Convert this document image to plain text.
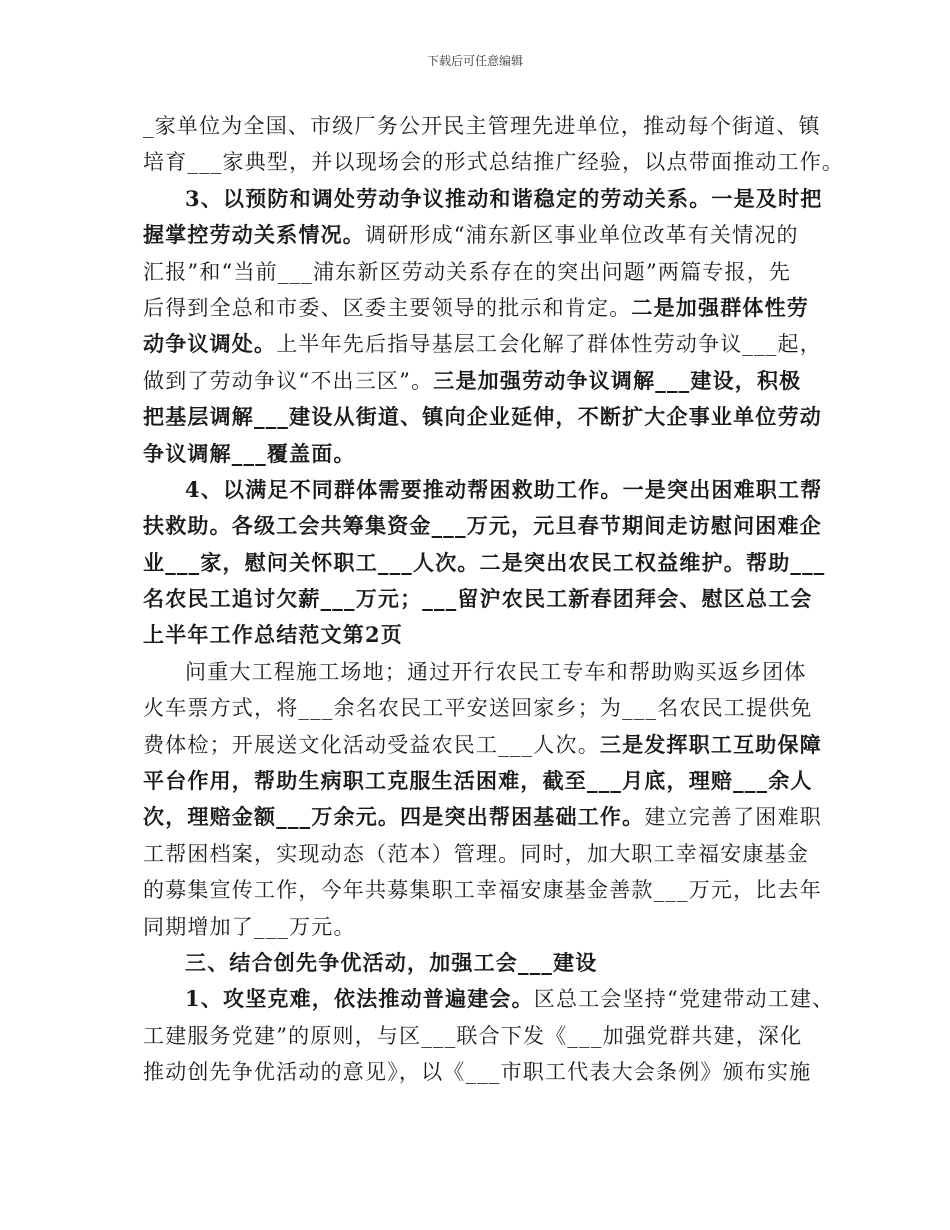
下载后可任意编辑
_家单位为全国、市级厂务公开民主管理先进单位，推动每个街道、镇
培育___家典型，并以现场会的形式总结推广经验，以点带面推动工作。
3、以预防和调处劳动争议推动和谐稳定的劳动关系。一是及时把
握掌控劳动关系情况。调研形成“浦东新区事业单位改革有关情况的
汇报”和“当前___浦东新区劳动关系存在的突出问题”两篇专报，先
后得到全总和市委、区委主要领导的批示和肯定。二是加强群体性劳
动争议调处。上半年先后指导基层工会化解了群体性劳动争议___起，
做到了劳动争议“不出三区”。三是加强劳动争议调解___建设，积极
把基层调解___建设从街道、镇向企业延伸，不断扩大企事业单位劳动
争议调解___覆盖面。
4、以满足不同群体需要推动帮困救助工作。一是突出困难职工帮
扶救助。各级工会共筹集资金___万元，元旦春节期间走访慰问困难企
业___家，慰问关怀职工___人次。二是突出农民工权益维护。帮助___
名农民工追讨欠薪___万元；___留沪农民工新春团拜会、慰区总工会
上半年工作总结范文第2页
问重大工程施工场地；通过开行农民工专车和帮助购买返乡团体
火车票方式，将___余名农民工平安送回家乡；为___名农民工提供免
费体检；开展送文化活动受益农民工___人次。三是发挥职工互助保障
平台作用，帮助生病职工克服生活困难，截至___月底，理赔___余人
次，理赔金额___万余元。四是突出帮困基础工作。建立完善了困难职
工帮困档案，实现动态（范本）管理。同时，加大职工幸福安康基金
的募集宣传工作，今年共募集职工幸福安康基金善款___万元，比去年
同期增加了___万元。
三、结合创先争优活动，加强工会___建设
1、攻坚克难，依法推动普遍建会。区总工会坚持“党建带动工建、
工建服务党建”的原则，与区___联合下发《___加强党群共建，深化
推动创先争优活动的意见》，以《___市职工代表大会条例》颁布实施
